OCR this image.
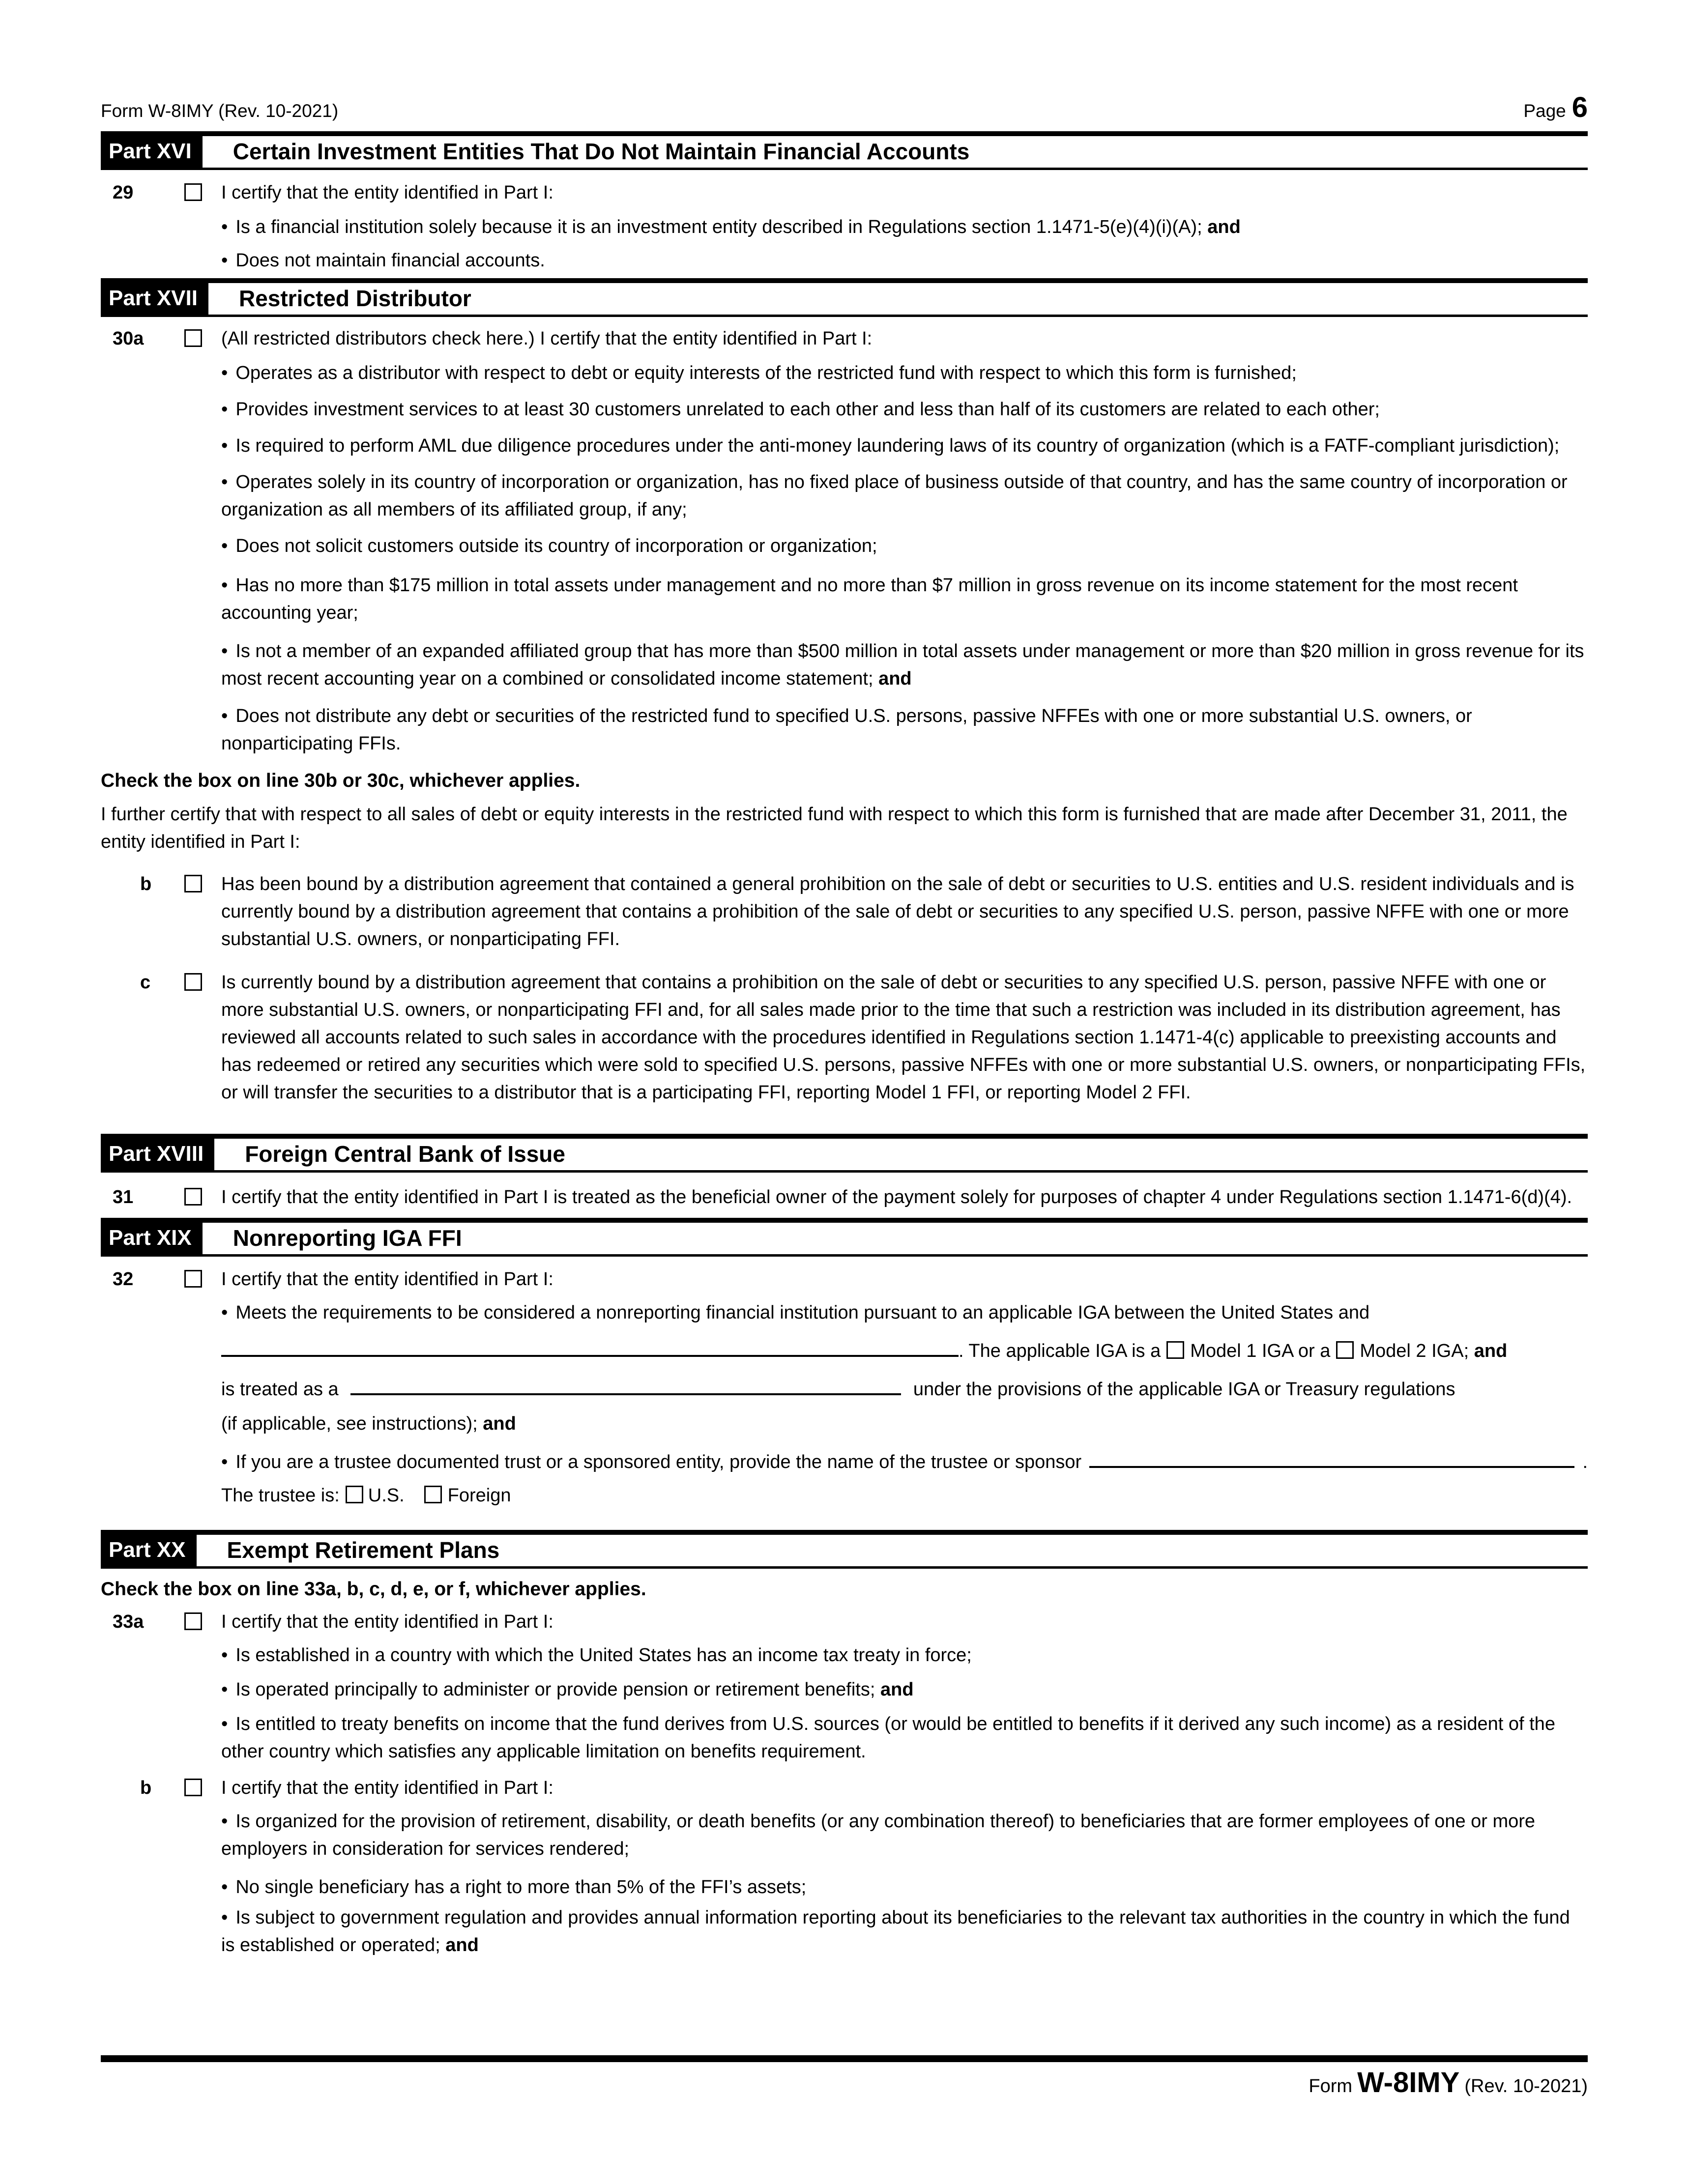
Form W-8IMY (Rev. 10-2021)	Page 6
Part XVI	Certain Investment Entities That Do Not Maintain Financial Accounts
29	I certify that the entity identified in Part I:
• Is a financial institution solely because it is an investment entity described in Regulations section 1.1471-5(e)(4)(i)(A); and
• Does not maintain financial accounts.
Part XVII	Restricted Distributor
30a	(All restricted distributors check here.) I certify that the entity identified in Part I:
• Operates as a distributor with respect to debt or equity interests of the restricted fund with respect to which this form is furnished;
• Provides investment services to at least 30 customers unrelated to each other and less than half of its customers are related to each other;
• Is required to perform AML due diligence procedures under the anti-money laundering laws of its country of organization (which is a FATF-compliant jurisdiction);
• Operates solely in its country of incorporation or organization, has no fixed place of business outside of that country, and has the same country of incorporation or organization as all members of its affiliated group, if any;
• Does not solicit customers outside its country of incorporation or organization;
• Has no more than $175 million in total assets under management and no more than $7 million in gross revenue on its income statement for the most recent accounting year;
• Is not a member of an expanded affiliated group that has more than $500 million in total assets under management or more than $20 million in gross revenue for its most recent accounting year on a combined or consolidated income statement; and
• Does not distribute any debt or securities of the restricted fund to specified U.S. persons, passive NFFEs with one or more substantial U.S. owners, or nonparticipating FFIs.
Check the box on line 30b or 30c, whichever applies.
I further certify that with respect to all sales of debt or equity interests in the restricted fund with respect to which this form is furnished that are made after December 31, 2011, the entity identified in Part I:
b	Has been bound by a distribution agreement that contained a general prohibition on the sale of debt or securities to U.S. entities and U.S. resident individuals and is currently bound by a distribution agreement that contains a prohibition of the sale of debt or securities to any specified U.S. person, passive NFFE with one or more substantial U.S. owners, or nonparticipating FFI.
c	Is currently bound by a distribution agreement that contains a prohibition on the sale of debt or securities to any specified U.S. person, passive NFFE with one or more substantial U.S. owners, or nonparticipating FFI and, for all sales made prior to the time that such a restriction was included in its distribution agreement, has reviewed all accounts related to such sales in accordance with the procedures identified in Regulations section 1.1471-4(c) applicable to preexisting accounts and has redeemed or retired any securities which were sold to specified U.S. persons, passive NFFEs with one or more substantial U.S. owners, or nonparticipating FFIs, or will transfer the securities to a distributor that is a participating FFI, reporting Model 1 FFI, or reporting Model 2 FFI.
Part XVIII	Foreign Central Bank of Issue
31	I certify that the entity identified in Part I is treated as the beneficial owner of the payment solely for purposes of chapter 4 under Regulations section 1.1471-6(d)(4).
Part XIX	Nonreporting IGA FFI
32	I certify that the entity identified in Part I:
• Meets the requirements to be considered a nonreporting financial institution pursuant to an applicable IGA between the United States and
. The applicable IGA is a Model 1 IGA or a Model 2 IGA; and
is treated as a	under the provisions of the applicable IGA or Treasury regulations
(if applicable, see instructions); and
• If you are a trustee documented trust or a sponsored entity, provide the name of the trustee or sponsor	.
The trustee is: U.S. Foreign
Part XX	Exempt Retirement Plans
Check the box on line 33a, b, c, d, e, or f, whichever applies.
33a	I certify that the entity identified in Part I:
• Is established in a country with which the United States has an income tax treaty in force;
• Is operated principally to administer or provide pension or retirement benefits; and
• Is entitled to treaty benefits on income that the fund derives from U.S. sources (or would be entitled to benefits if it derived any such income) as a resident of the other country which satisfies any applicable limitation on benefits requirement.
b	I certify that the entity identified in Part I:
• Is organized for the provision of retirement, disability, or death benefits (or any combination thereof) to beneficiaries that are former employees of one or more employers in consideration for services rendered;
• No single beneficiary has a right to more than 5% of the FFI’s assets;
• Is subject to government regulation and provides annual information reporting about its beneficiaries to the relevant tax authorities in the country in which the fund is established or operated; and
Form W-8IMY (Rev. 10-2021)
